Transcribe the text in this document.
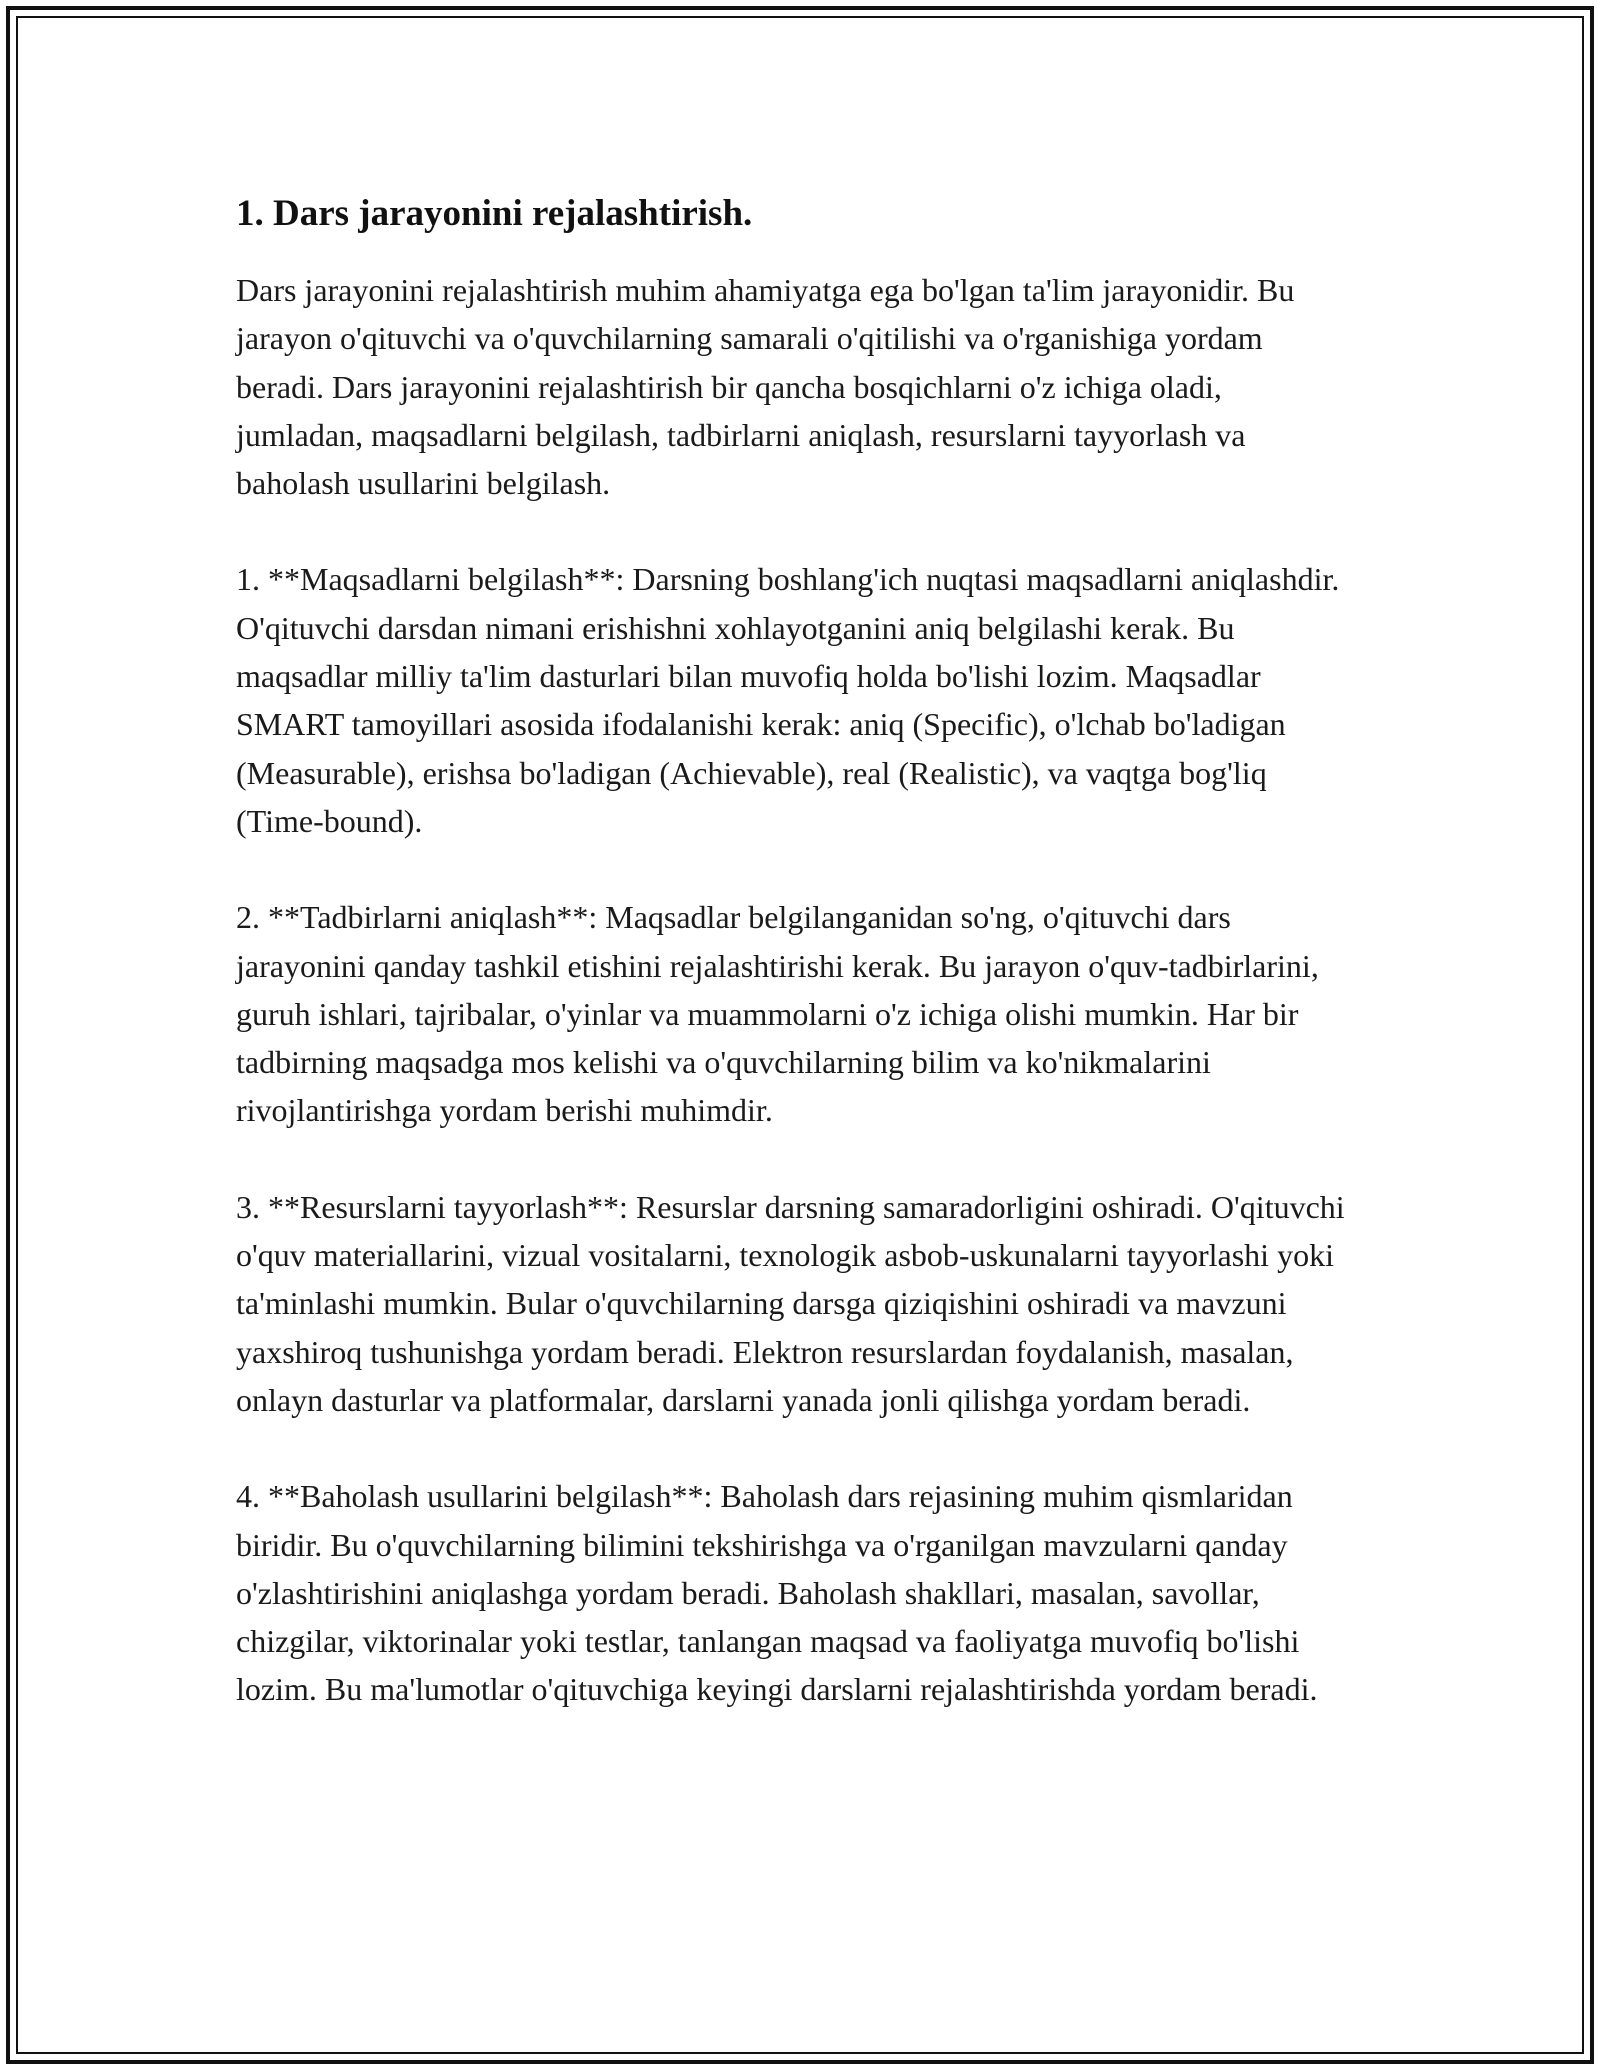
1. Dars jarayonini rejalashtirish.

Dars jarayonini rejalashtirish muhim ahamiyatga ega bo'lgan ta'lim jarayonidir. Bu jarayon o'qituvchi va o'quvchilarning samarali o'qitilishi va o'rganishiga yordam beradi. Dars jarayonini rejalashtirish bir qancha bosqichlarni o'z ichiga oladi, jumladan, maqsadlarni belgilash, tadbirlarni aniqlash, resurslarni tayyorlash va baholash usullarini belgilash.

1. **Maqsadlarni belgilash**: Darsning boshlang'ich nuqtasi maqsadlarni aniqlashdir. O'qituvchi darsdan nimani erishishni xohlayotganini aniq belgilashi kerak. Bu maqsadlar milliy ta'lim dasturlari bilan muvofiq holda bo'lishi lozim. Maqsadlar SMART tamoyillari asosida ifodalanishi kerak: aniq (Specific), o'lchab bo'ladigan (Measurable), erishsa bo'ladigan (Achievable), real (Realistic), va vaqtga bog'liq (Time-bound).

2. **Tadbirlarni aniqlash**: Maqsadlar belgilanganidan so'ng, o'qituvchi dars jarayonini qanday tashkil etishini rejalashtirishi kerak. Bu jarayon o'quv-tadbirlarini, guruh ishlari, tajribalar, o'yinlar va muammolarni o'z ichiga olishi mumkin. Har bir tadbirning maqsadga mos kelishi va o'quvchilarning bilim va ko'nikmalarini rivojlantirishga yordam berishi muhimdir.

3. **Resurslarni tayyorlash**: Resurslar darsning samaradorligini oshiradi. O'qituvchi o'quv materiallarini, vizual vositalarni, texnologik asbob-uskunalarni tayyorlashi yoki ta'minlashi mumkin. Bular o'quvchilarning darsga qiziqishini oshiradi va mavzuni yaxshiroq tushunishga yordam beradi. Elektron resurslardan foydalanish, masalan, onlayn dasturlar va platformalar, darslarni yanada jonli qilishga yordam beradi.

4. **Baholash usullarini belgilash**: Baholash dars rejasining muhim qismlaridan biridir. Bu o'quvchilarning bilimini tekshirishga va o'rganilgan mavzularni qanday o'zlashtirishini aniqlashga yordam beradi. Baholash shakllari, masalan, savollar, chizgilar, viktorinalar yoki testlar, tanlangan maqsad va faoliyatga muvofiq bo'lishi lozim. Bu ma'lumotlar o'qituvchiga keyingi darslarni rejalashtirishda yordam beradi.
